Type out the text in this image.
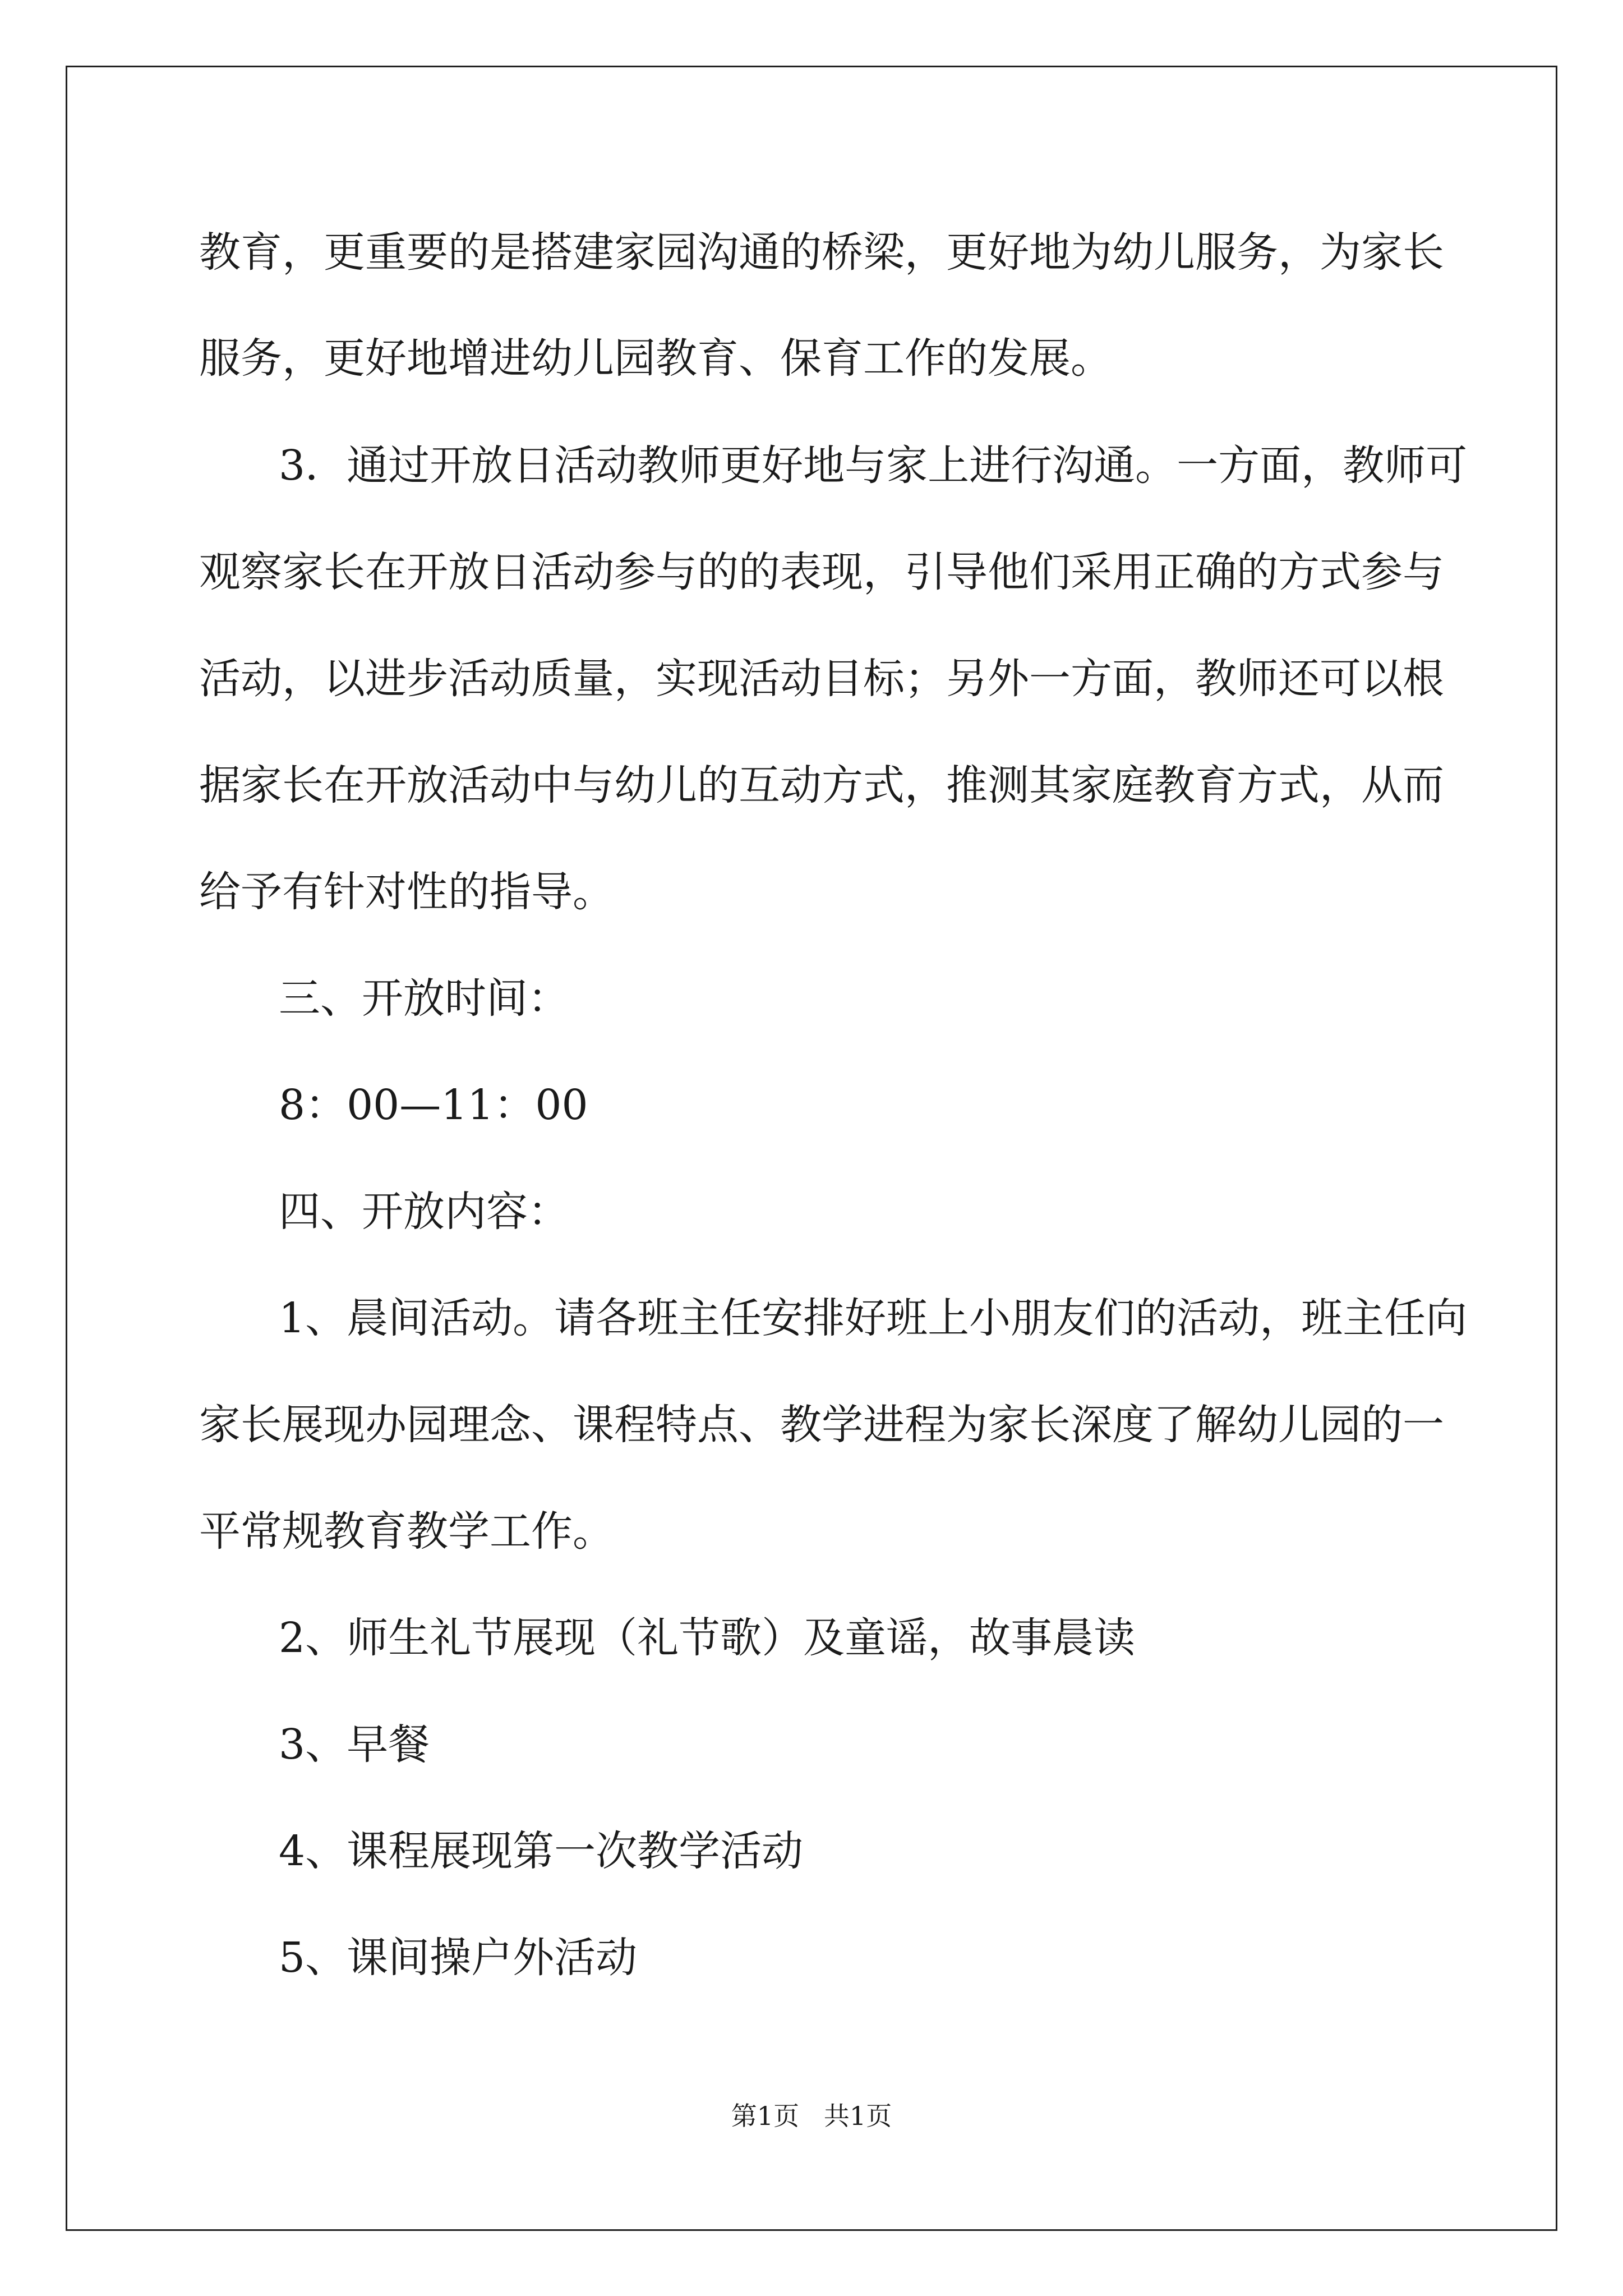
教育，更重要的是搭建家园沟通的桥梁，更好地为幼儿服务，为家长

服务，更好地增进幼儿园教育、保育工作的发展。

3．通过开放日活动教师更好地与家上进行沟通。一方面，教师可

观察家长在开放日活动参与的的表现，引导他们采用正确的方式参与

活动，以进步活动质量，实现活动目标；另外一方面，教师还可以根

据家长在开放活动中与幼儿的互动方式，推测其家庭教育方式，从而

给予有针对性的指导。

三、开放时间：

8：00—11：00

四、开放内容：

1、晨间活动。请各班主任安排好班上小朋友们的活动，班主任向

家长展现办园理念、课程特点、教学进程为家长深度了解幼儿园的一

平常规教育教学工作。

2、师生礼节展现（礼节歌）及童谣，故事晨读

3、早餐

4、课程展现第一次教学活动

5、课间操户外活动

第1页   共1页
